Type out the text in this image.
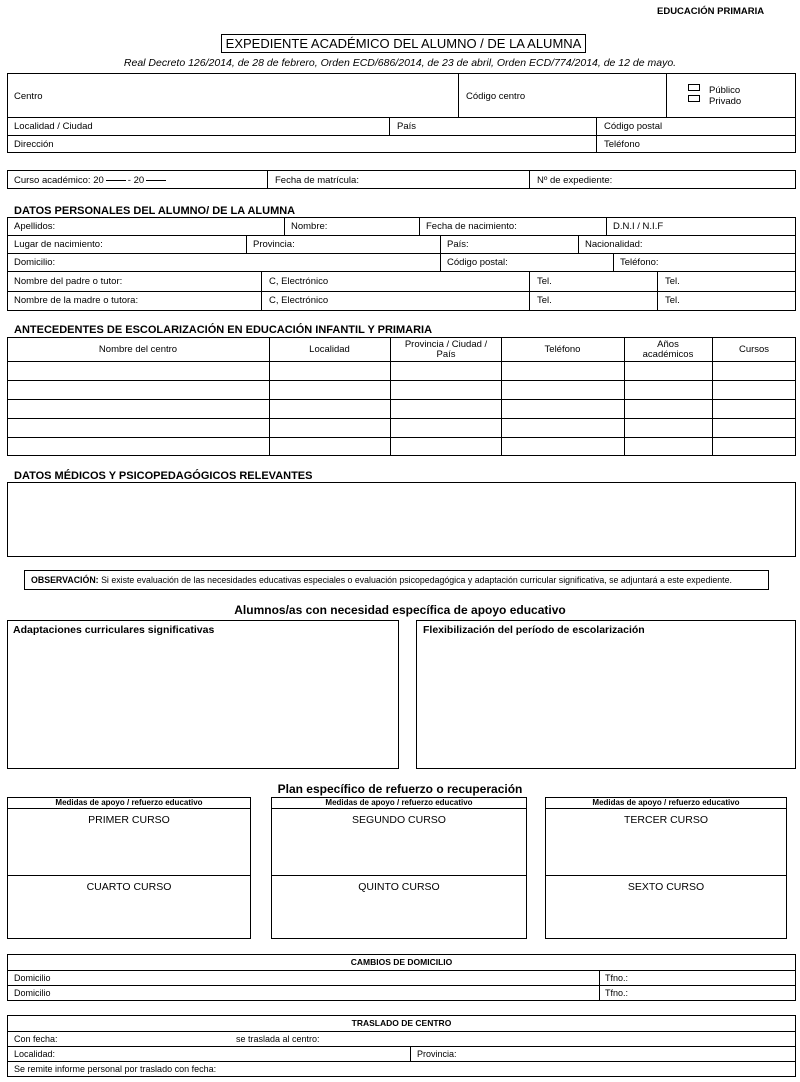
EDUCACIÓN PRIMARIA
EXPEDIENTE ACADÉMICO DEL ALUMNO / DE LA ALUMNA
Real Decreto 126/2014, de 28 de febrero, Orden ECD/686/2014, de 23 de abril, Orden ECD/774/2014, de 12 de mayo.
Centro	Código centro
Público
Privado
Localidad / Ciudad	País	Código postal
Dirección	Teléfono
Curso académico: 20	- 20	Fecha de matrícula:	Nº de expediente:
DATOS PERSONALES DEL ALUMNO/ DE LA ALUMNA
Apellidos:	Nombre:	Fecha de nacimiento:	D.N.I / N.I.F
Lugar de nacimiento:	Provincia:	País:	Nacionalidad:
Domicilio:	Código postal:	Teléfono:
Nombre del padre o tutor:	C, Electrónico	Tel.	Tel.
Nombre de la madre o tutora:	C, Electrónico	Tel.	Tel.
ANTECEDENTES DE ESCOLARIZACIÓN EN EDUCACIÓN INFANTIL Y PRIMARIA
Nombre del centro	Localidad	Provincia / Ciudad / País	Teléfono	Años académicos	Cursos
DATOS MÉDICOS Y PSICOPEDAGÓGICOS RELEVANTES
OBSERVACIÓN: Si existe evaluación de las necesidades educativas especiales o evaluación psicopedagógica y adaptación curricular significativa, se adjuntará a este expediente.
Alumnos/as con necesidad específica de apoyo educativo
Adaptaciones curriculares significativas	Flexibilización del período de escolarización
Plan específico de refuerzo o recuperación
Medidas de apoyo / refuerzo educativo
PRIMER CURSO
CUARTO CURSO
Medidas de apoyo / refuerzo educativo
SEGUNDO CURSO
QUINTO CURSO
Medidas de apoyo / refuerzo educativo
TERCER CURSO
SEXTO CURSO
CAMBIOS DE DOMICILIO
Domicilio	Tfno.:
Domicilio	Tfno.:
TRASLADO DE CENTRO
Con fecha:	se traslada al centro:
Localidad:	Provincia:
Se remite informe personal por traslado con fecha:
